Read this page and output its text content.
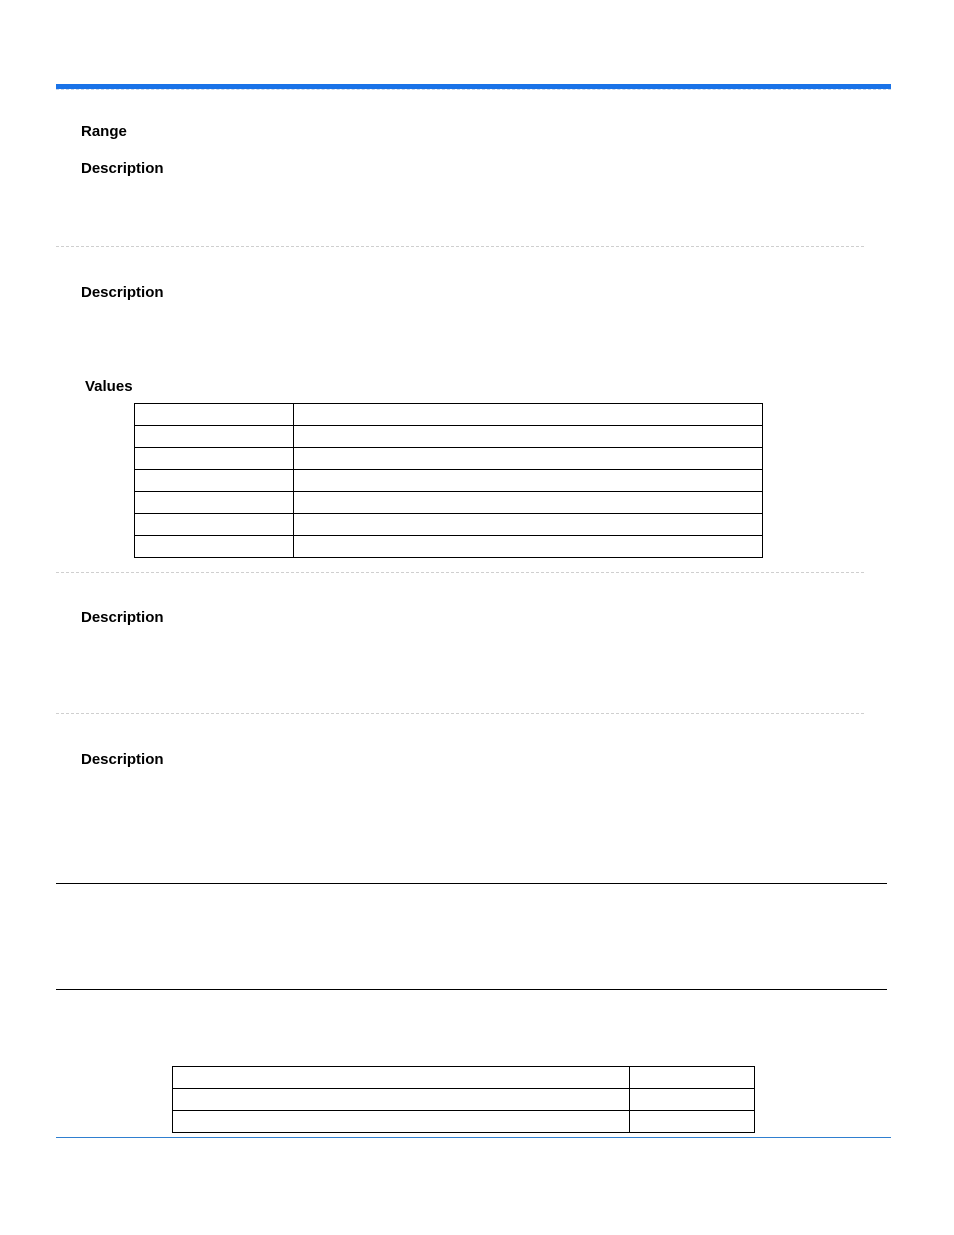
Range
Description
Description
Values

Description
Description
